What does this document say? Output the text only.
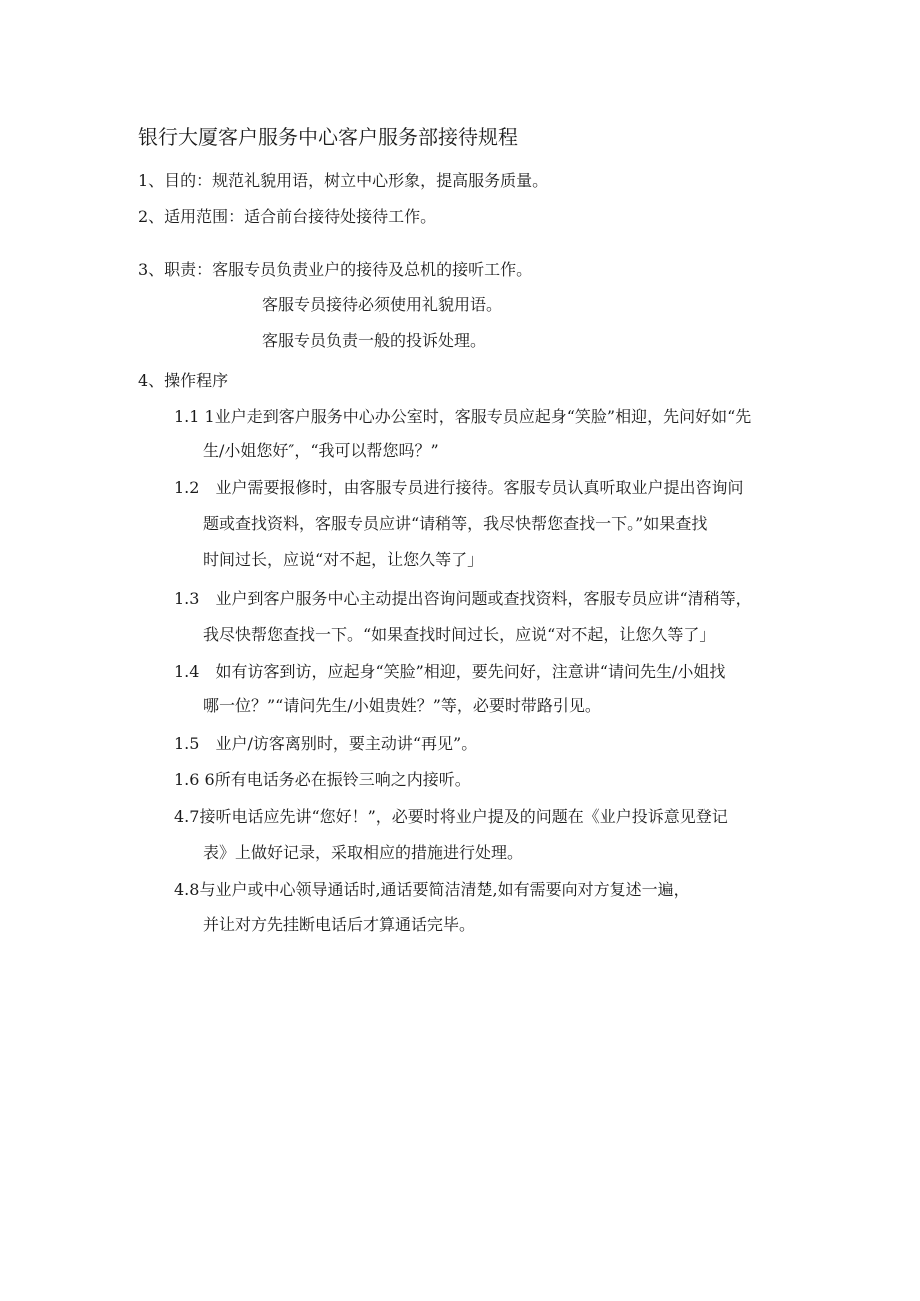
银行大厦客户服务中心客户服务部接待规程
1、目的：规范礼貌用语，树立中心形象，提高服务质量。
2、适用范围：适合前台接待处接待工作。
3、职责：客服专员负责业户的接待及总机的接听工作。
客服专员接待必须使用礼貌用语。
客服专员负责一般的投诉处理。
4、操作程序
1.1 1业户走到客户服务中心办公室时，客服专员应起身“笑脸”相迎，先问好如“先
生/小姐您好″，“我可以帮您吗？”
1.2　业户需要报修时，由客服专员进行接待。客服专员认真听取业户提出咨询问
题或查找资料，客服专员应讲“请稍等，我尽快帮您查找一下。”如果查找
时间过长，应说“对不起，让您久等了」
1.3　业户到客户服务中心主动提出咨询问题或查找资料，客服专员应讲“清稍等，
我尽快帮您查找一下。“如果查找时间过长，应说“对不起，让您久等了」
1.4　如有访客到访，应起身“笑脸”相迎，要先问好，注意讲“请问先生/小姐找
哪一位？”“请问先生/小姐贵姓？”等，必要时带路引见。
1.5　业户/访客离别时，要主动讲“再见”。
1.6 6所有电话务必在振铃三响之内接听。
4.7接听电话应先讲“您好！”，必要时将业户提及的问题在《业户投诉意见登记
表》上做好记录，采取相应的措施进行处理。
4.8与业户或中心领导通话时,通话要简洁清楚,如有需要向对方复述一遍，
并让对方先挂断电话后才算通话完毕。
